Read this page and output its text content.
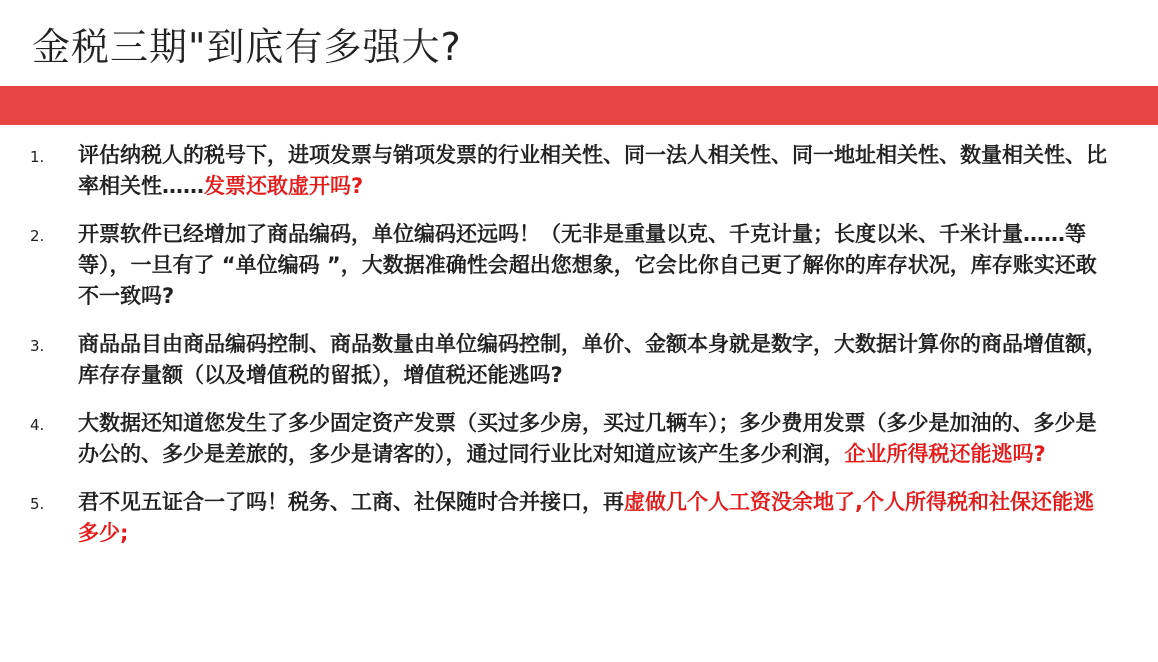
金税三期"到底有多强大?
1. 评估纳税人的税号下，进项发票与销项发票的行业相关性、同一法人相关性、同一地址相关性、数量相关性、比率相关性……发票还敢虚开吗?
2. 开票软件已经增加了商品编码，单位编码还远吗！（无非是重量以克、千克计量；长度以米、千米计量……等等），一旦有了 “单位编码 ”，大数据准确性会超出您想象，它会比你自己更了解你的库存状况，库存账实还敢不一致吗?
3. 商品品目由商品编码控制、商品数量由单位编码控制，单价、金额本身就是数字，大数据计算你的商品增值额，库存存量额（以及增值税的留抵），增值税还能逃吗?
4. 大数据还知道您发生了多少固定资产发票（买过多少房，买过几辆车）；多少费用发票（多少是加油的、多少是办公的、多少是差旅的，多少是请客的），通过同行业比对知道应该产生多少利润，企业所得税还能逃吗?
5. 君不见五证合一了吗！税务、工商、社保随时合并接口，再虚做几个人工资没余地了,个人所得税和社保还能逃多少;
